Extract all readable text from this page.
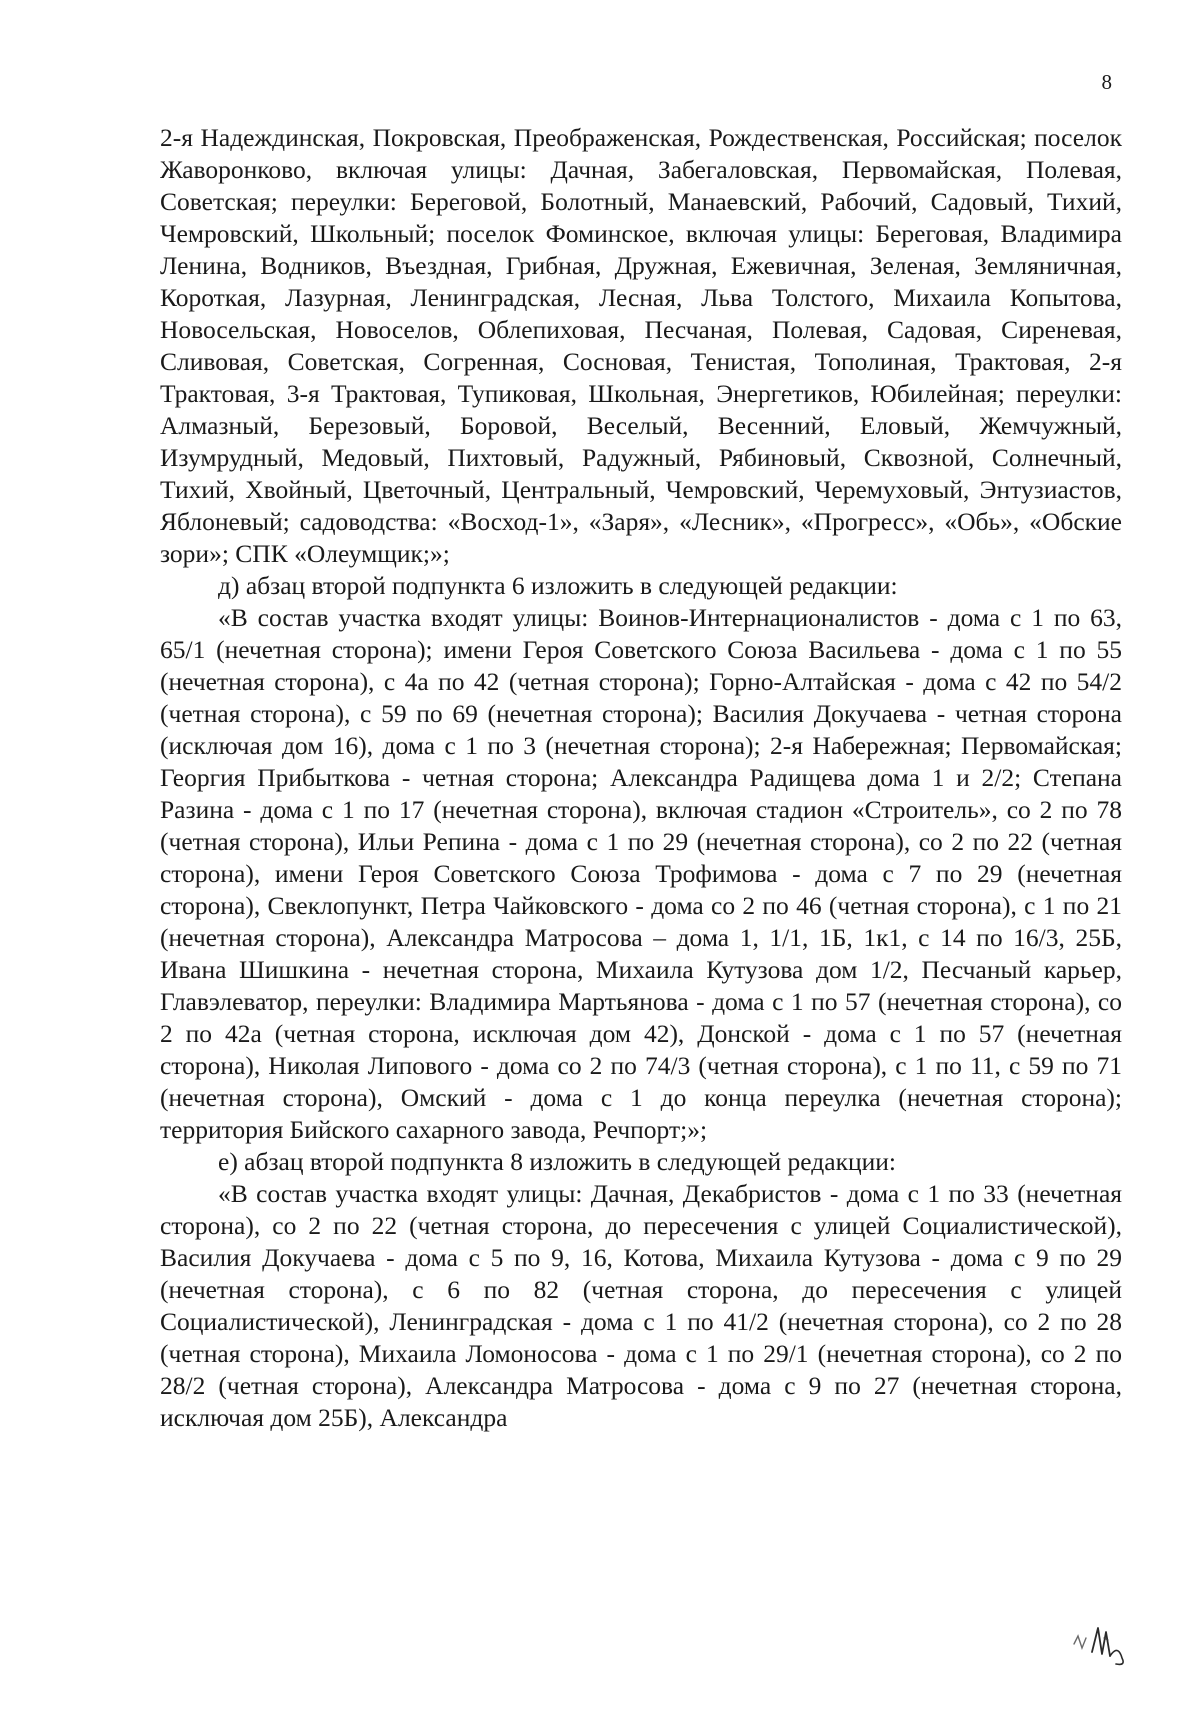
8

2-я Надеждинская, Покровская, Преображенская, Рождественская, Российская; поселок Жаворонково, включая улицы: Дачная, Забегаловская, Первомайская, Полевая, Советская; переулки: Береговой, Болотный, Манаевский, Рабочий, Садовый, Тихий, Чемровский, Школьный; поселок Фоминское, включая улицы: Береговая, Владимира Ленина, Водников, Въездная, Грибная, Дружная, Ежевичная, Зеленая, Земляничная, Короткая, Лазурная, Ленинградская, Лесная, Льва Толстого, Михаила Копытова, Новосельская, Новоселов, Облепиховая, Песчаная, Полевая, Садовая, Сиреневая, Сливовая, Советская, Согренная, Сосновая, Тенистая, Тополиная, Трактовая, 2-я Трактовая, 3-я Трактовая, Тупиковая, Школьная, Энергетиков, Юбилейная; переулки: Алмазный, Березовый, Боровой, Веселый, Весенний, Еловый, Жемчужный, Изумрудный, Медовый, Пихтовый, Радужный, Рябиновый, Сквозной, Солнечный, Тихий, Хвойный, Цветочный, Центральный, Чемровский, Черемуховый, Энтузиастов, Яблоневый; садоводства: «Восход-1», «Заря», «Лесник», «Прогресс», «Обь», «Обские зори»; СПК «Олеумщик;»;

д) абзац второй подпункта 6 изложить в следующей редакции:

«В состав участка входят улицы: Воинов-Интернационалистов - дома с 1 по 63, 65/1 (нечетная сторона); имени Героя Советского Союза Васильева - дома с 1 по 55 (нечетная сторона), с 4а по 42 (четная сторона); Горно-Алтайская - дома с 42 по 54/2 (четная сторона), с 59 по 69 (нечетная сторона); Василия Докучаева - четная сторона (исключая дом 16), дома с 1 по 3 (нечетная сторона); 2-я Набережная; Первомайская; Георгия Прибыткова - четная сторона; Александра Радищева дома 1 и 2/2; Степана Разина - дома с 1 по 17 (нечетная сторона), включая стадион «Строитель», со 2 по 78 (четная сторона), Ильи Репина - дома с 1 по 29 (нечетная сторона), со 2 по 22 (четная сторона), имени Героя Советского Союза Трофимова - дома с 7 по 29 (нечетная сторона), Свеклопункт, Петра Чайковского - дома со 2 по 46 (четная сторона), с 1 по 21 (нечетная сторона), Александра Матросова – дома 1, 1/1, 1Б, 1к1, с 14 по 16/3, 25Б, Ивана Шишкина - нечетная сторона, Михаила Кутузова дом 1/2, Песчаный карьер, Главэлеватор, переулки: Владимира Мартьянова - дома с 1 по 57 (нечетная сторона), со 2 по 42а (четная сторона, исключая дом 42), Донской - дома с 1 по 57 (нечетная сторона), Николая Липового - дома со 2 по 74/3 (четная сторона), с 1 по 11, с 59 по 71 (нечетная сторона), Омский - дома с 1 до конца переулка (нечетная сторона); территория Бийского сахарного завода, Речпорт;»;

е) абзац второй подпункта 8 изложить в следующей редакции:

«В состав участка входят улицы: Дачная, Декабристов - дома с 1 по 33 (нечетная сторона), со 2 по 22 (четная сторона, до пересечения с улицей Социалистической), Василия Докучаева - дома с 5 по 9, 16, Котова, Михаила Кутузова - дома с 9 по 29 (нечетная сторона), с 6 по 82 (четная сторона, до пересечения с улицей Социалистической), Ленинградская - дома с 1 по 41/2 (нечетная сторона), со 2 по 28 (четная сторона), Михаила Ломоносова - дома с 1 по 29/1 (нечетная сторона), со 2 по 28/2 (четная сторона), Александра Матросова - дома с 9 по 27 (нечетная сторона, исключая дом 25Б), Александра
